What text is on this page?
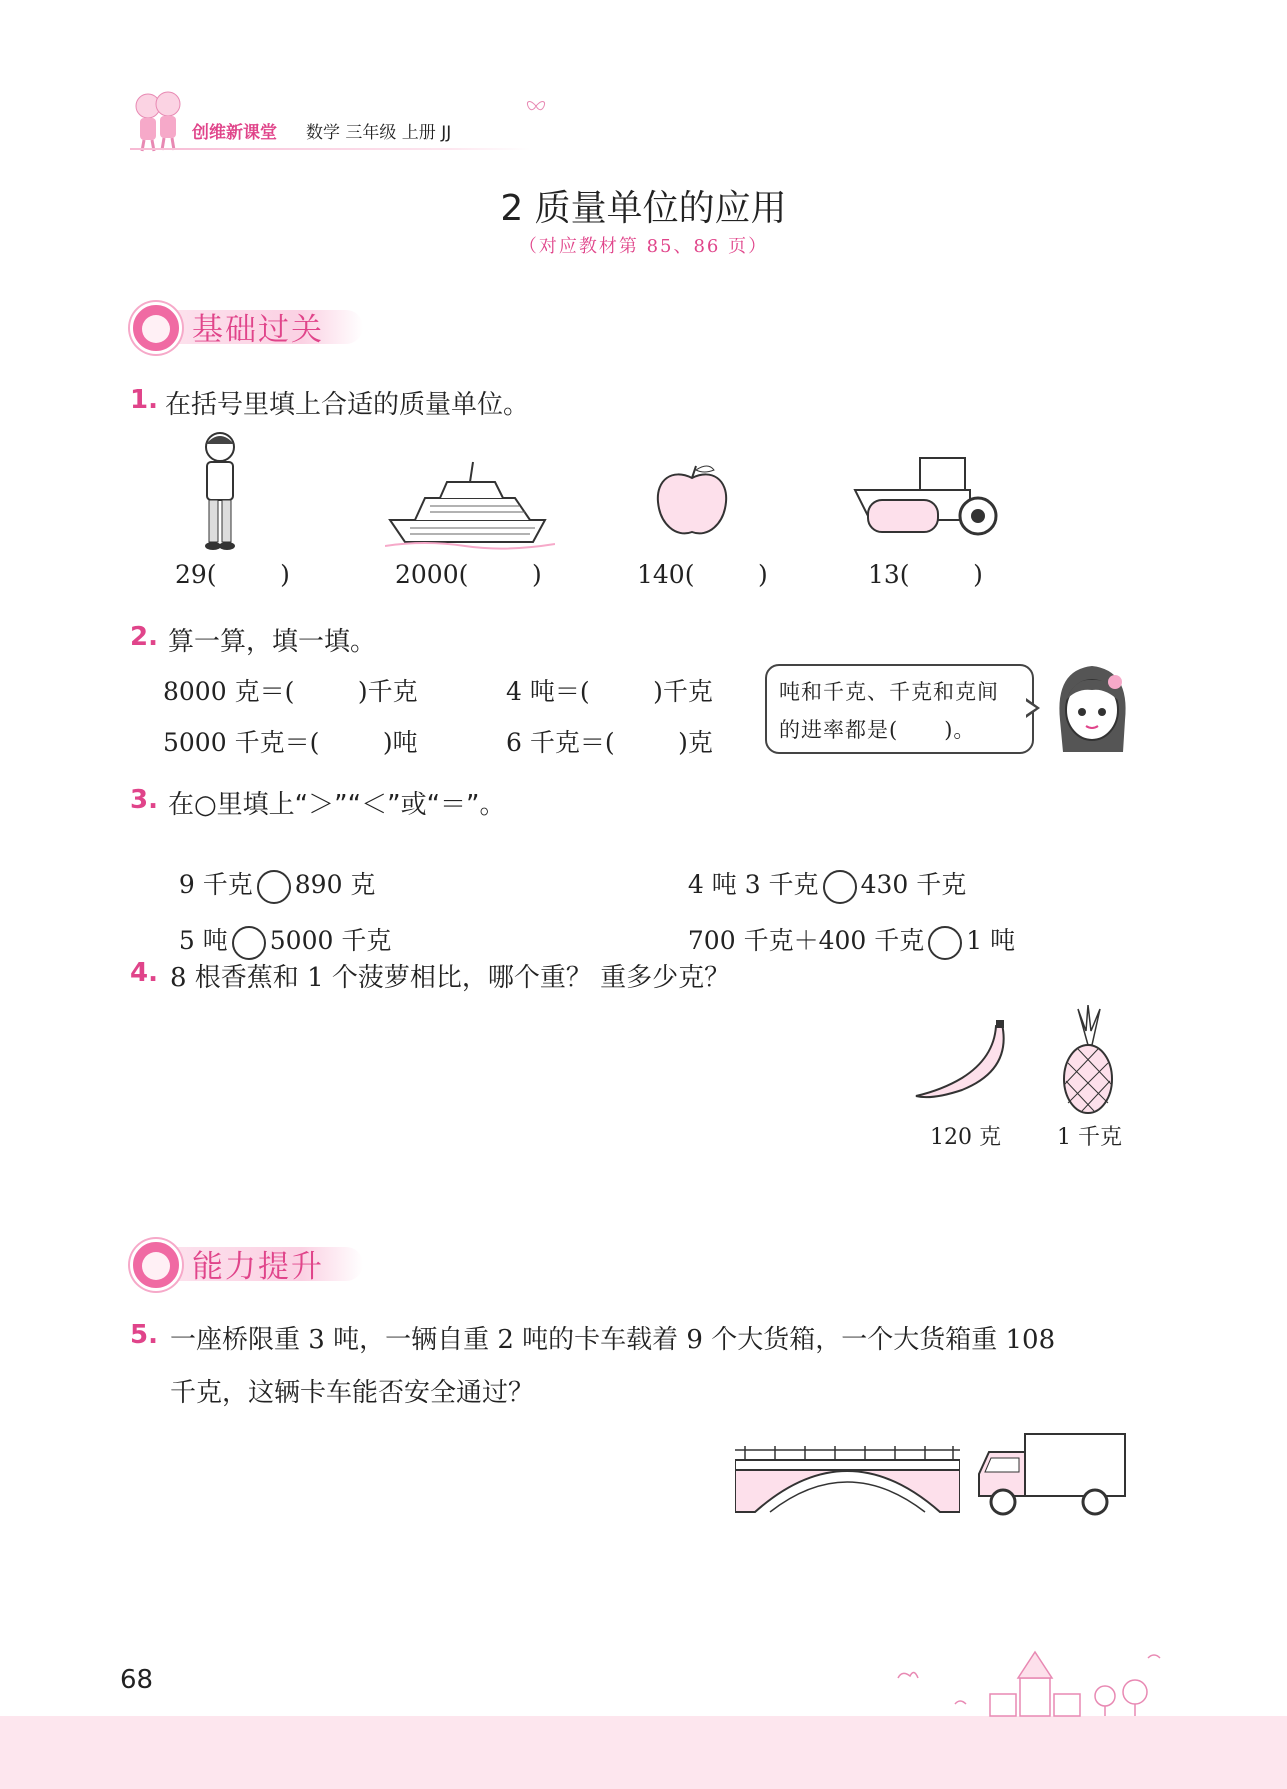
创维新课堂 数学 三年级 上册 JJ
2 质量单位的应用
（对应教材第 85、86 页）
基础过关
1. 在括号里填上合适的质量单位。
29(        )	2000(        )	140(        )	13(        )
2. 算一算，填一填。
8000 克＝(        )千克	4 吨＝(        )千克
5000 千克＝(        )吨	6 千克＝(        )克
吨和千克、千克和克间
的进率都是(      )。
3. 在○里填上“＞”“＜”或“＝”。

9 千克 890 克	4 吨 3 千克 430 千克

5 吨 5000 千克	700 千克＋400 千克 1 吨

4. 8 根香蕉和 1 个菠萝相比，哪个重？ 重多少克？
120 克	1 千克
能力提升
5. 一座桥限重 3 吨，一辆自重 2 吨的卡车载着 9 个大货箱，一个大货箱重 108
千克，这辆卡车能否安全通过？
68
